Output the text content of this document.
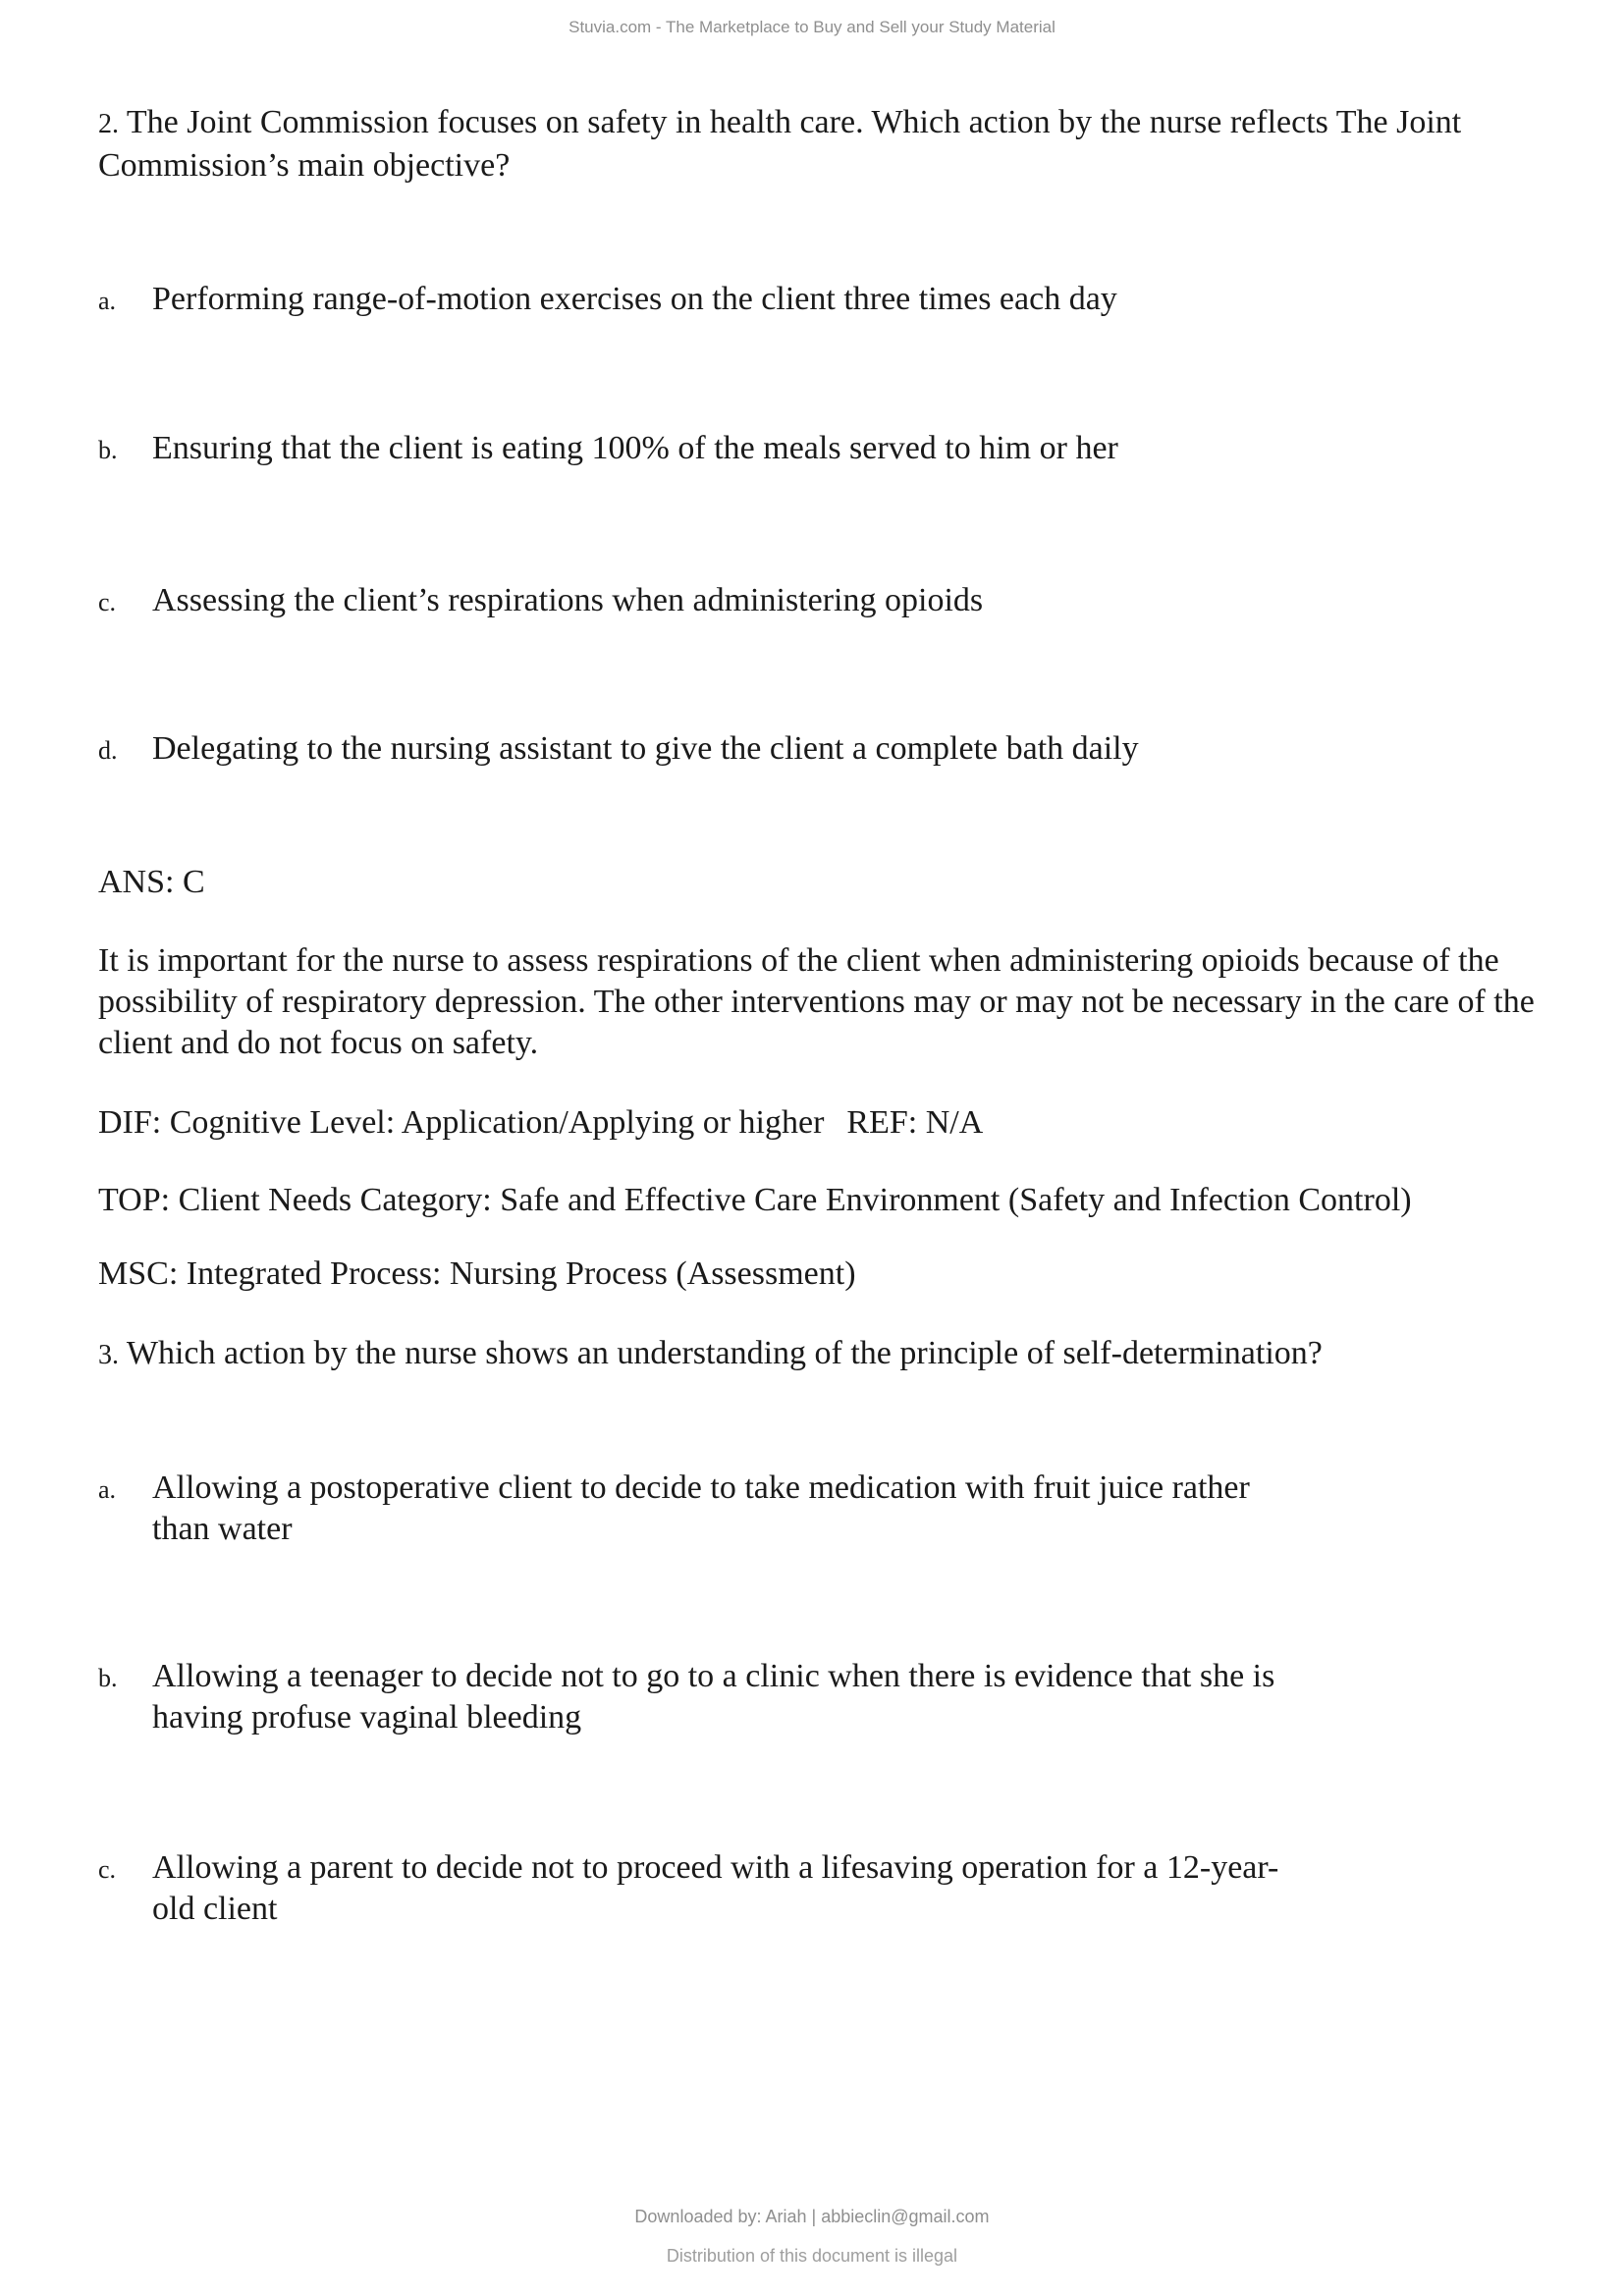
Stuvia.com - The Marketplace to Buy and Sell your Study Material

2. The Joint Commission focuses on safety in health care. Which action by the nurse reflects The Joint Commission’s main objective?

a.	Performing range-of-motion exercises on the client three times each day
b.	Ensuring that the client is eating 100% of the meals served to him or her
c.	Assessing the client’s respirations when administering opioids
d.	Delegating to the nursing assistant to give the client a complete bath daily

ANS: C

It is important for the nurse to assess respirations of the client when administering opioids because of the possibility of respiratory depression. The other interventions may or may not be necessary in the care of the client and do not focus on safety.

DIF: Cognitive Level: Application/Applying or higher REF: N/A

TOP: Client Needs Category: Safe and Effective Care Environment (Safety and Infection Control)

MSC: Integrated Process: Nursing Process (Assessment)

3. Which action by the nurse shows an understanding of the principle of self-determination?

a.	Allowing a postoperative client to decide to take medication with fruit juice rather than water
b.	Allowing a teenager to decide not to go to a clinic when there is evidence that she is having profuse vaginal bleeding
c.	Allowing a parent to decide not to proceed with a lifesaving operation for a 12-year-old client
Downloaded by: Ariah | abbieclin@gmail.com
Distribution of this document is illegal
